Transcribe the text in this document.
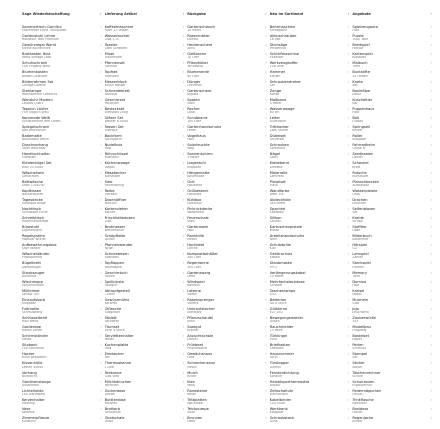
Sage Wiederbeschaffung	›
Sommertisch-Garnitur
Esszimmer Eiche Tischplatte
›
Gartenstuhl Lehne
Holzlasur Teak Premium
›
Gewürzregal Wand
Kleine Küchenhilfe
›
Brotkasten Holz
Retro Vintage Look
›
Schuhschrank
Flur Eingang Weiß
›
Blumenkasten
Balkon Geländer
›
Bilderrahmen Set
Collage Galerie
›
Stehlampe
Wohnzimmer Leselicht
›
Wanduhr Modern
Lautlos Quarz
›
Teppich Läufer
Flur Teppich grau
›
Kommode Weiß
Schlafzimmer drei Laden
›
Spiegelschrank
Bad Beleuchtet
›
Badematte
Baumwolle weich
›
Duschvorhang
Textil waschbar
›
Handtuchhalter
Edelstahl
›
Kleiderbügel Set
Holz 20 Stück
›
Wäschekorb
Geflochten
›
Bettwäsche
Satin 135x200
›
Kopfkissen
Nackenstütze
›
Tagesdecke
Gesteppt beige
›
Nachttisch
Schublade Eiche
›
Schreibtisch
Höhenverstellbar
›
Bürostuhl
Ergonomisch
›
Regalsystem
Modular Würfel
›
Aufbewahrungsbox
Stoff faltbar
›
Wäscheständer
Platzsparend
›
Bügelbrett
Dampfbügel
›
Staubsauger
Beutellos
›
Wischmopp
Sprühfunktion
›
Mülleimer
Sensor 30L
›
Einkaufskorb
Klappbar
›
Fußmatte
Schmutzfang
›
Schlüsselbrett
Holz Wand
›
Garderobe
Haken Leiste
›
Schirmständer
Metall
›
Sitzbank
Flur Stauraum
›
Hocker
Rund gepolstert
›
Kissenhülle
Leinen 40x40
›
Vorhang
Blickdicht
›
Gardinenstange
Ausziehbar
›
Lichterkette
LED warmweiß
›
Kerzenhalter
Messing
›
Vase
Keramik
›
Zimmerpflanze
Künstlich
›
Lieferung Artikel	›
Kaffeemaschine
Filter 12 Tassen
›
Wasserkocher
Glas 1,7L
›
Toaster
Zwei Scheiben
›
Mixer
Standmixer
›
Pfannenset
Antihaft
›
Topfset
Edelstahl
›
Messerblock
Sechs Messer
›
Schneidebrett
Bambus
›
Geschirrset
Porzellan
›
Besteckset
Edelstahl 24tlg
›
Gläser Set
Wasser 6 Stück
›
Tassen Set
Steingut
›
Backform
Springform
›
Nudelholz
Holz
›
Rührschüssel
Edelstahl
›
Küchenwaage
Digital
›
Messbecher
Kunststoff
›
Sieb
Feinmaschig
›
Reibe
Vierkant
›
Dosenöffner
Manuell
›
Korkenzieher
Kellner
›
Frischhaltedosen
Glas
›
Brotmesser
Wellenschliff
›
Schöpfkelle
Silikon
›
Pfannenwender
Nylon
›
Schneebesen
Edelstahl
›
Topflappen
Baumwolle
›
Geschirrtuch
Leinen
›
Spülbürste
Holzgriff
›
Abtropfgestell
Chrom
›
Gewürzmühle
Keramik
›
Ölflasche
Ausgießer
›
Tablett
Servieren
›
Tischset
Vinyl 4 Stück
›
Serviettenhalter
Metall
›
Kuchenplatte
Glas
›
Eierbecher
Set
›
Thermoskanne
1 Liter
›
Teekanne
Glas Sieb
›
Milchkännchen
Porzellan
›
Zuckerdose
Deckel
›
Buttterdose
Keramik
›
Brotkorb
Geflochten
›
Obstschale
Draht
›
Rückgabe	›
Gartenschlauch
25 Meter
›
Rasenmäher
Elektro
›
Heckenschere
Akku
›
Gießkanne
10 Liter
›
Pflanzkübel
Terrakotta
›
Blumenerde
40 Liter
›
Dünger
Universal
›
Gartenschere
Bypass
›
Spaten
Stahl
›
Rechen
Laub
›
Schubkarre
100 Liter
›
Gartenhandschuhe
Leder
›
Vogelhaus
Holz
›
Solarleuchte
Weg
›
Sonnenschirm
3 Meter
›
Liegestuhl
Klappbar
›
Hängematte
Baumwolle
›
Grill
Holzkohle
›
Grillbesteck
Edelstahl
›
Kühlbox
Elektrisch
›
Picknickdecke
Wasserfest
›
Feuerschale
Stahl
›
Gartenbank
Holz
›
Rankhilfe
Metall
›
Hochbeet
Lärche
›
Kompostbehälter
300 Liter
›
Regentonne
200 Liter
›
Gartenzwerg
Deko
›
Windspiel
Bambus
›
Laterne
Metall
›
Rasensprenger
Viereck
›
Unkrautstecher
Edelstahl
›
Pflanzschaufel
Klein
›
Saatgut
Kräuter
›
Anzuchtschale
Deckel
›
Frühbeet
Polycarbonat
›
Gewächshaus
Folie
›
Schneckenzaun
Metall
›
Mulch
Rinde
›
Kies
Weiß
›
Randsteine
Beton
›
Trittplatten
Naturstein
›
Teichpumpe
Solar
›
Brunnen
Deko
›
Neu im Sortiment	›
Bohrmaschine
Schlagbohr
›
Akkuschrauber
18 Volt
›
Stichsäge
Pendelhub
›
Schleifmaschine
Exzenter
›
Werkzeugkoffer
108 Teile
›
Hammer
Klauen
›
Schraubendreher
Set
›
Zange
Kombi
›
Maßband
5 Meter
›
Wasserwaage
60 cm
›
Leiter
Aluminium
›
Tritthocker
Zwei Stufen
›
Dübelset
Universal
›
Schrauben
Sortiment
›
Nägel
Stahl
›
Klebeband
Gewebe
›
Malerrolle
Lammfell
›
Pinselset
Flach
›
Wandfarbe
Weiß 10L
›
Abdeckfolie
4x5 Meter
›
Spachtel
Edelstahl
›
Silikon
Sanitär
›
Kartuschenpistole
Metall
›
Arbeitshandschuhe
Nitril
›
Schutzbrille
Klar
›
Gehörschutz
Kapsel
›
Staubmaske
FFP2
›
Verlängerungskabel
10 Meter
›
Mehrfachsteckdose
Schalter
›
Taschenlampe
LED
›
Batterien
AA 8 Stück
›
Glühbirne
E27 LED
›
Bewegungsmelder
Außen
›
Rauchmelder
10 Jahre
›
Türklingel
Funk
›
Briefkasten
Edelstahl
›
Hausnummer
Acryl
›
Türstopper
Gummi
›
Fensterdichtung
Schaum
›
Heizkörperthermostat
Digital
›
Zeitschaltuhr
Mechanisch
›
Kabelbinder
100 Stück
›
Werkbank
Klappbar
›
Schraubstock
Guss
›
Angebote	›
Spielzeugauto
Holz
›
Puzzle
1000 Teile
›
Brettspiel
Familie
›
Kartenspiel
Klassiker
›
Malbuch
Tiere
›
Buntstifte
24 Farben
›
Knete
Set
›
Bauklötze
Natur
›
Kuscheltier
Bär
›
Puppenhaus
Holz
›
Ball
Fußball
›
Springseil
Kinder
›
Roller
Klappbar
›
Fahrradhelm
Größe M
›
Sandkasten
Deckel
›
Schaukel
Brett
›
Rutsche
Kunststoff
›
Planschbecken
Aufblasbar
›
Wasserpistole
Groß
›
Drachen
Einleiner
›
Seifenblasen
Set
›
Kreide
Straße
›
Stofftier
Hase
›
Bilderbuch
Bauernhof
›
Hörspiel
CD
›
Lernspiel
Zahlen
›
Steckspiel
Formen
›
Memory
Tiere
›
Domino
Holz
›
Kreisel
Metall
›
Murmeln
Glas
›
Jojo
Leuchtend
›
Zauberwürfel
3x3
›
Modellbau
Flugzeug
›
Bastelset
Papier
›
Perlen
Schmuck
›
Stempel
Set
›
Sticker
Album
›
Taschenrechner
Schule
›
Schulranzen
Ergonomisch
›
Federmäppchen
Gefüllt
›
Trinkflasche
Edelstahl
›
Brotdose
Fächer
›
Regenjacke
Kinder
›
